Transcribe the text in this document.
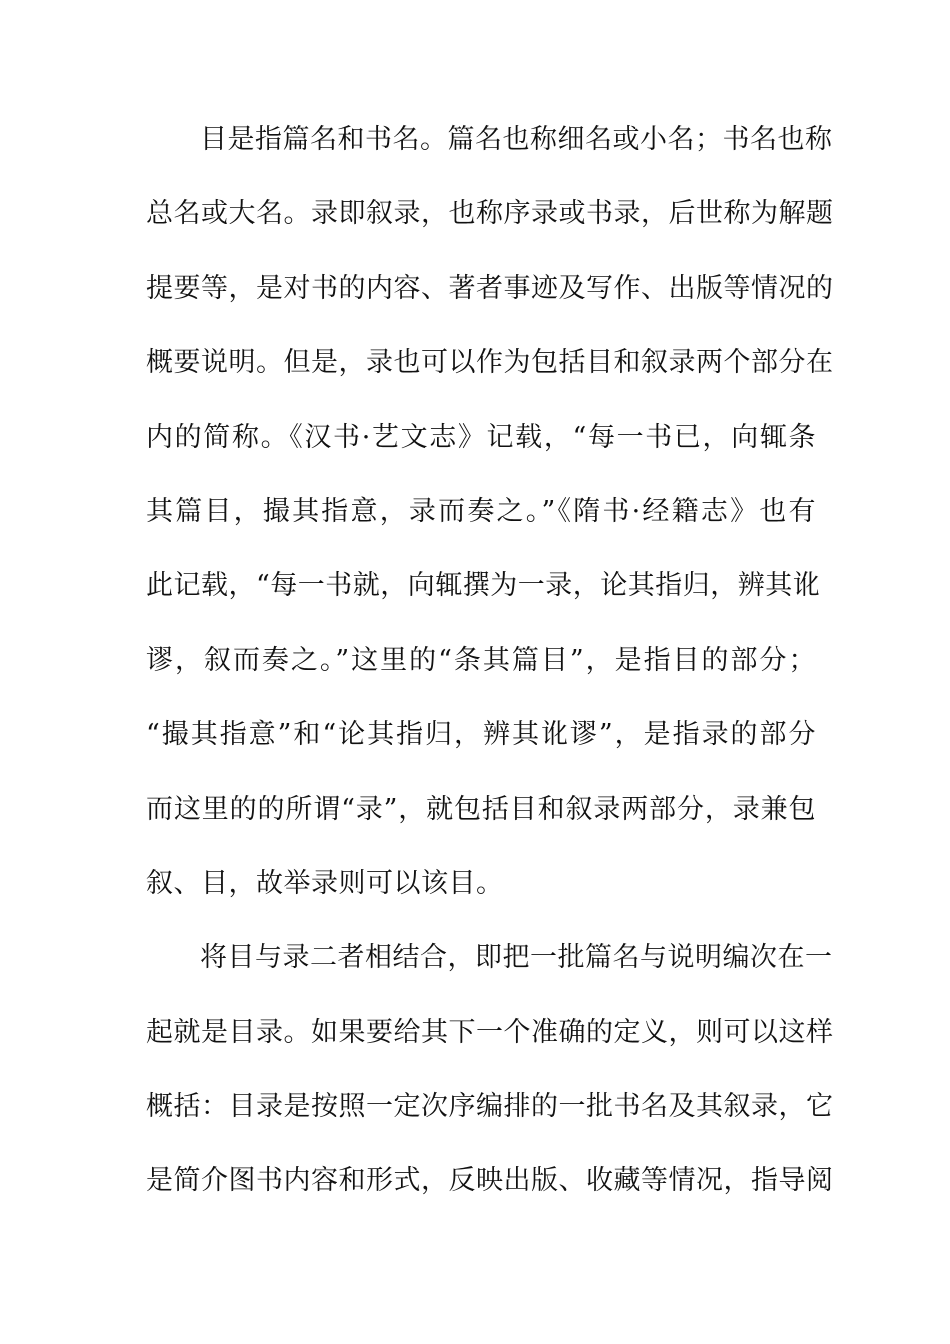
目是指篇名和书名。篇名也称细名或小名；书名也称
总名或大名。录即叙录，也称序录或书录，后世称为解题
提要等，是对书的内容、著者事迹及写作、出版等情况的
概要说明。但是，录也可以作为包括目和叙录两个部分在
内的简称。《汉书·艺文志》记载，“每一书已，向辄条
其篇目，撮其指意，录而奏之。”《隋书·经籍志》也有
此记载，“每一书就，向辄撰为一录，论其指归，辨其讹
谬，叙而奏之。”这里的“条其篇目”，是指目的部分；
“撮其指意”和“论其指归，辨其讹谬”，是指录的部分
而这里的的所谓“录”，就包括目和叙录两部分，录兼包
叙、目，故举录则可以该目。
将目与录二者相结合，即把一批篇名与说明编次在一
起就是目录。如果要给其下一个准确的定义，则可以这样
概括：目录是按照一定次序编排的一批书名及其叙录，它
是简介图书内容和形式，反映出版、收藏等情况，指导阅
